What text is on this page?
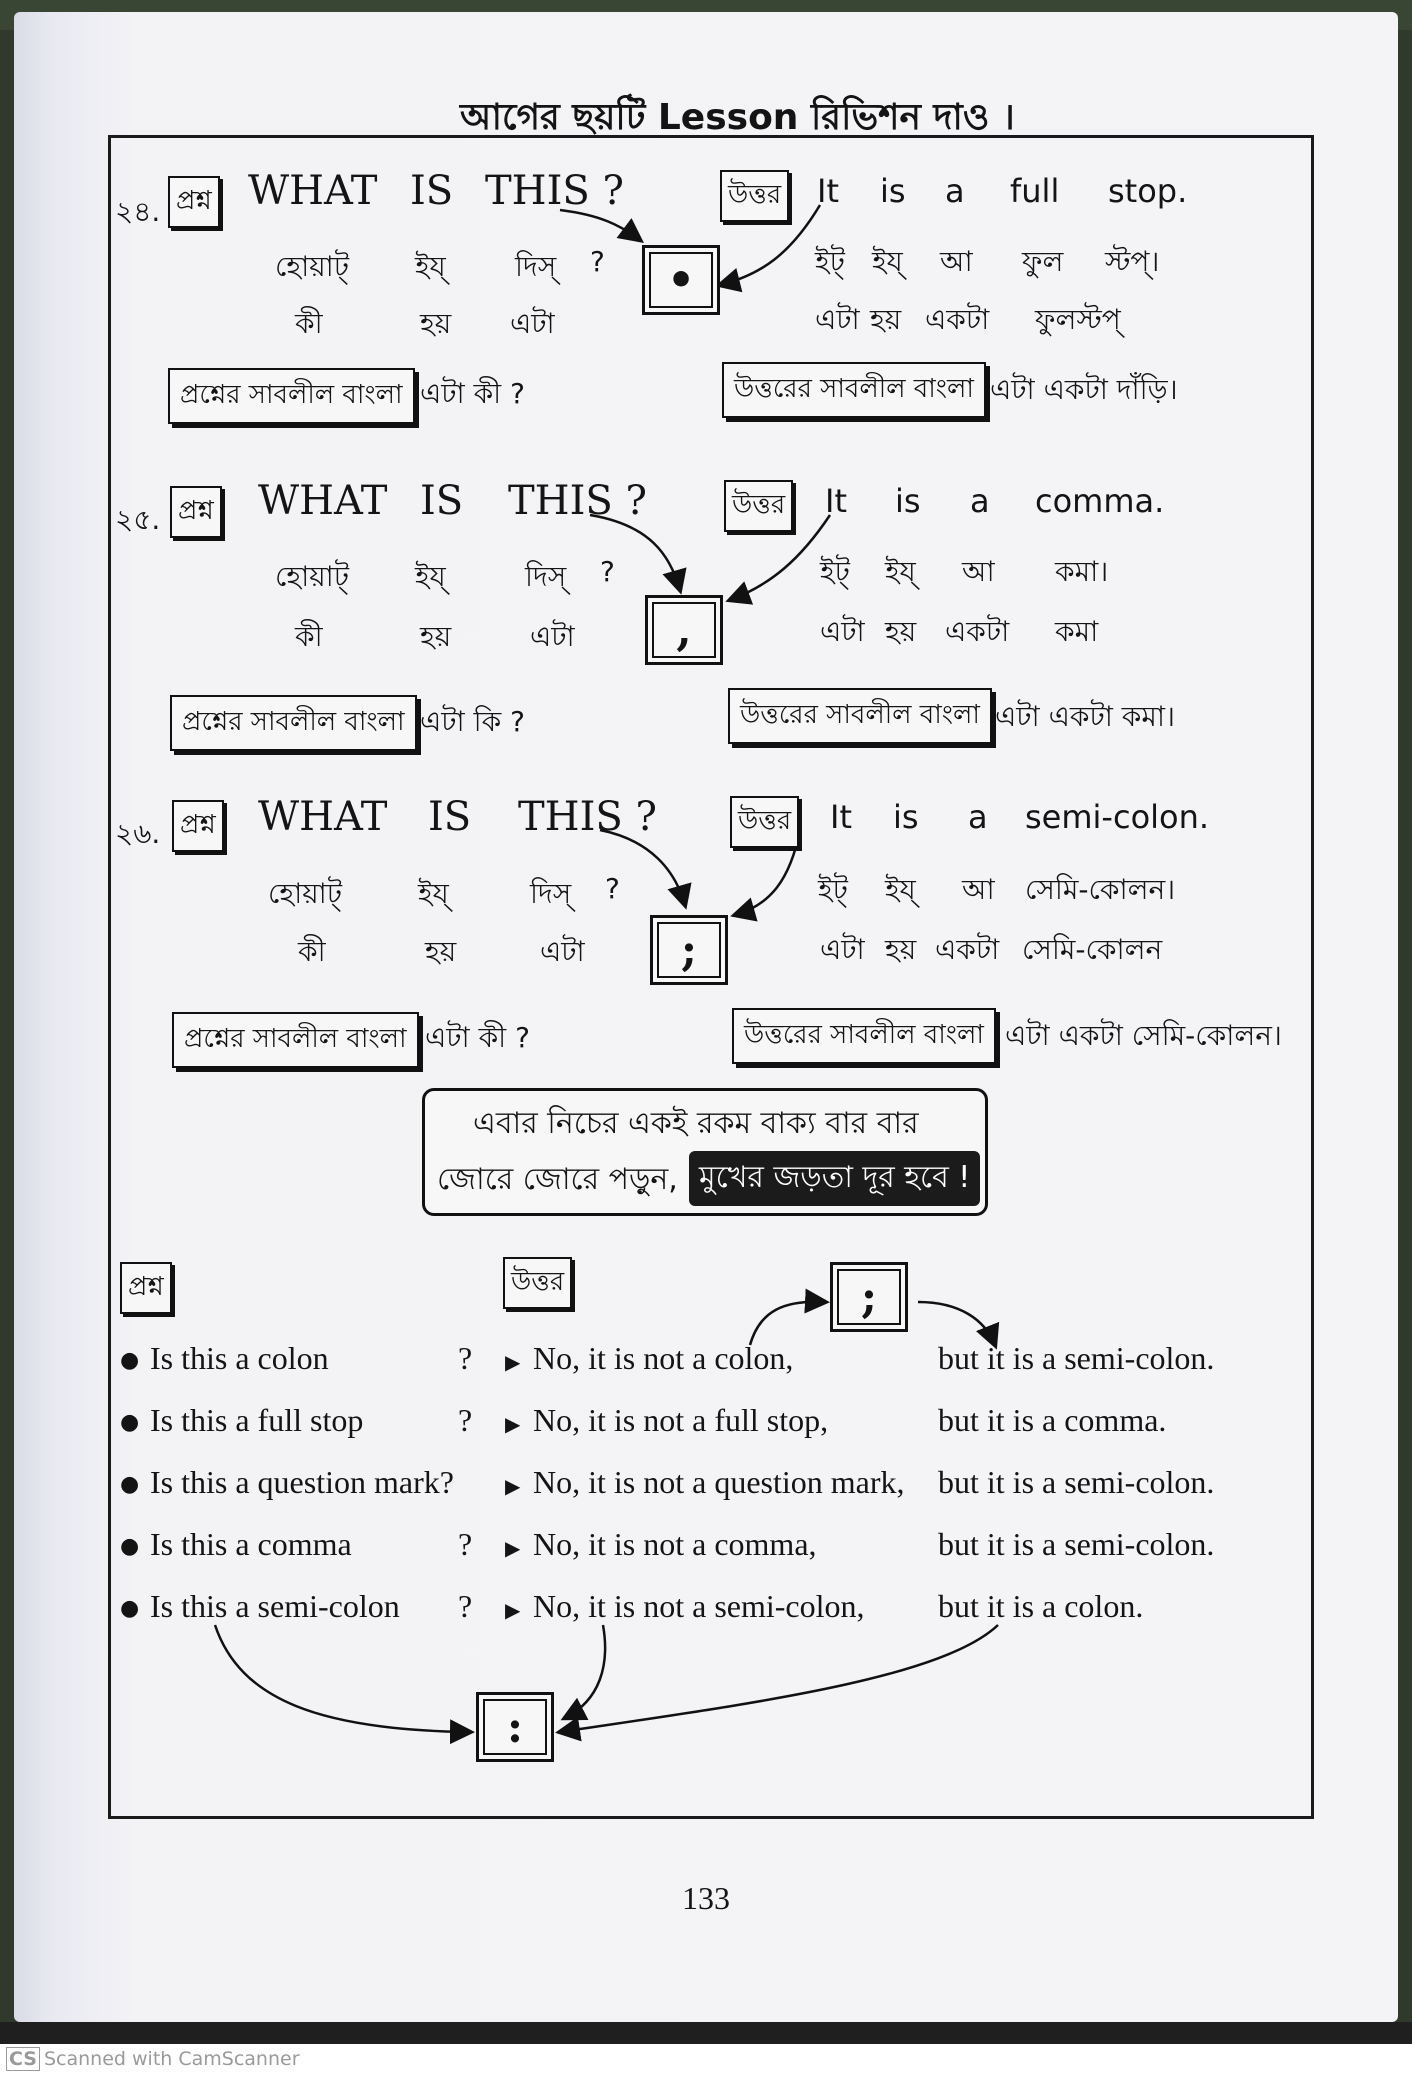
আগের ছয়টি Lesson রিভিশন দাও ।
২৪. প্রশ্ন WHAT IS THIS ?	উত্তর It is a full stop.
হোয়াট্ ইয্ দিস্ ?
কী	হয় এটা
•	ইট্ ইয্ আ ফুল স্টপ্।
এটা হয় একটা ফুলস্টপ্
প্রশ্নের সাবলীল বাংলা এটা কী ?	উত্তরের সাবলীল বাংলা এটা একটা দাঁড়ি।
২৫. প্রশ্ন WHAT IS THIS ?	উত্তর It is a comma.
হোয়াট্ ইয্	দিস্ ?
কী	হয়	এটা	,
ইট্ ইয্ আ কমা।
এটা হয় একটা কমা
প্রশ্নের সাবলীল বাংলা এটা কি ?	উত্তরের সাবলীল বাংলা এটা একটা কমা।
২৬. প্রশ্ন WHAT IS THIS ?	উত্তর It is a semi-colon.
হোয়াট্	ইয্	দিস্ ?
কী	হয়	এটা	;
ইট্ ইয্ আ সেমি-কোলন।
এটা হয় একটা সেমি-কোলন
প্রশ্নের সাবলীল বাংলা এটা কী ?	উত্তরের সাবলীল বাংলা এটা একটা সেমি-কোলন।
এবার নিচের একই রকম বাক্য বার বার
জোরে জোরে পড়ুন, মুখের জড়তা দূর হবে !
প্রশ্ন	উত্তর	;
● Is this a colon	? ▶ No, it is not a colon,	but it is a semi-colon.
● Is this a full stop	? ▶ No, it is not a full stop,	but it is a comma.
● Is this a question mark?	▶ No, it is not a question mark, but it is a semi-colon.
● Is this a comma	? ▶ No, it is not a comma,	but it is a semi-colon.
● Is this a semi-colon ? ▶ No, it is not a semi-colon, but it is a colon.
:
133
CS Scanned with CamScanner
